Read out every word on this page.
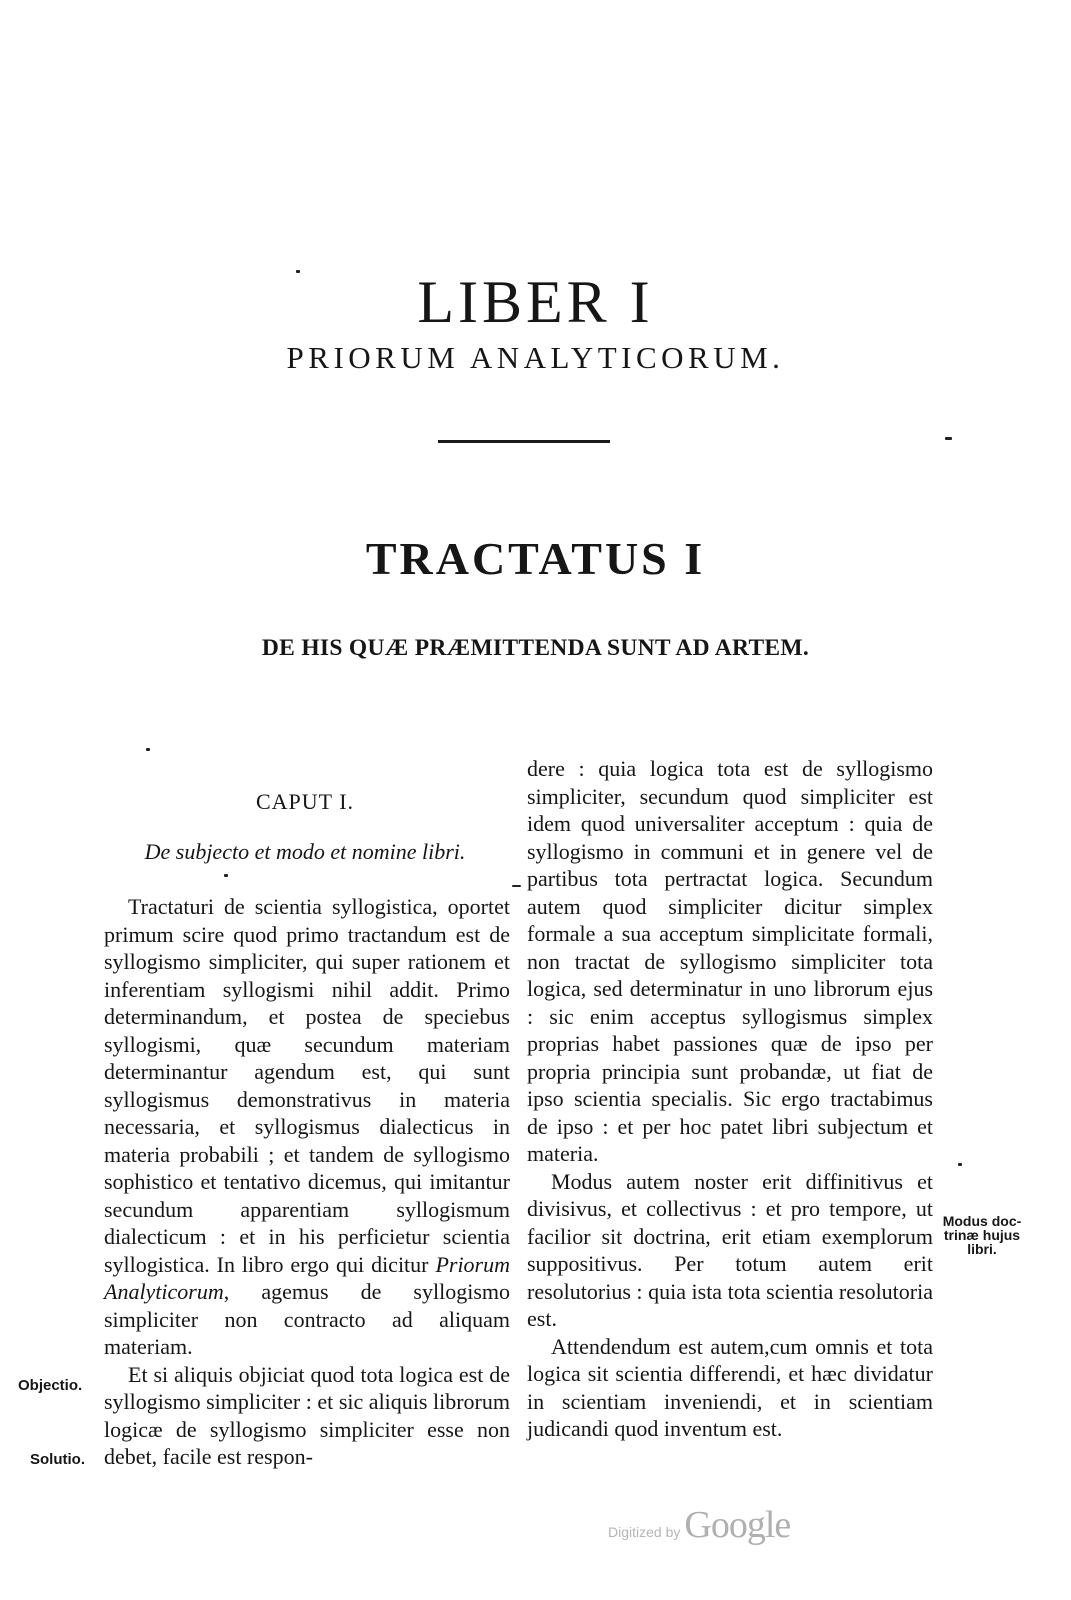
LIBER I
PRIORUM ANALYTICORUM.
TRACTATUS I
DE HIS QUÆ PRÆMITTENDA SUNT AD ARTEM.
CAPUT I.
De subjecto et modo et nomine libri.

Tractaturi de scientia syllogistica, oportet primum scire quod primo tractandum est de syllogismo simpliciter, qui super rationem et inferentiam syllogismi nihil addit. Primo determinandum, et postea de speciebus syllogismi, quæ secundum materiam determinantur agendum est, qui sunt syllogismus demonstrativus in materia necessaria, et syllogismus dialecticus in materia probabili ; et tandem de syllogismo sophistico et tentativo dicemus, qui imitantur secundum apparentiam syllogismum dialecticum : et in his perficietur scientia syllogistica. In libro ergo qui dicitur Priorum Analyticorum, agemus de syllogismo simpliciter non contracto ad aliquam materiam.

Et si aliquis objiciat quod tota logica est de syllogismo simpliciter : et sic aliquis librorum logicæ de syllogismo simpliciter esse non debet, facile est respon-

dere : quia logica tota est de syllogismo simpliciter, secundum quod simpliciter est idem quod universaliter acceptum : quia de syllogismo in communi et in genere vel de partibus tota pertractat logica. Secundum autem quod simpliciter dicitur simplex formale a sua acceptum simplicitate formali, non tractat de syllogismo simpliciter tota logica, sed determinatur in uno librorum ejus : sic enim acceptus syllogismus simplex proprias habet passiones quæ de ipso per propria principia sunt probandæ, ut fiat de ipso scientia specialis. Sic ergo tractabimus de ipso : et per hoc patet libri subjectum et materia.

Modus autem noster erit diffinitivus et divisivus, et collectivus : et pro tempore, ut facilior sit doctrina, erit etiam exemplorum suppositivus. Per totum autem erit resolutorius : quia ista tota scientia resolutoria est.

Attendendum est autem,cum omnis et tota logica sit scientia differendi, et hæc dividatur in scientiam inveniendi, et in scientiam judicandi quod inventum est.

Objectio.
Solutio.
Modus doc-
trinæ hujus
libri.
Digitized by Google
